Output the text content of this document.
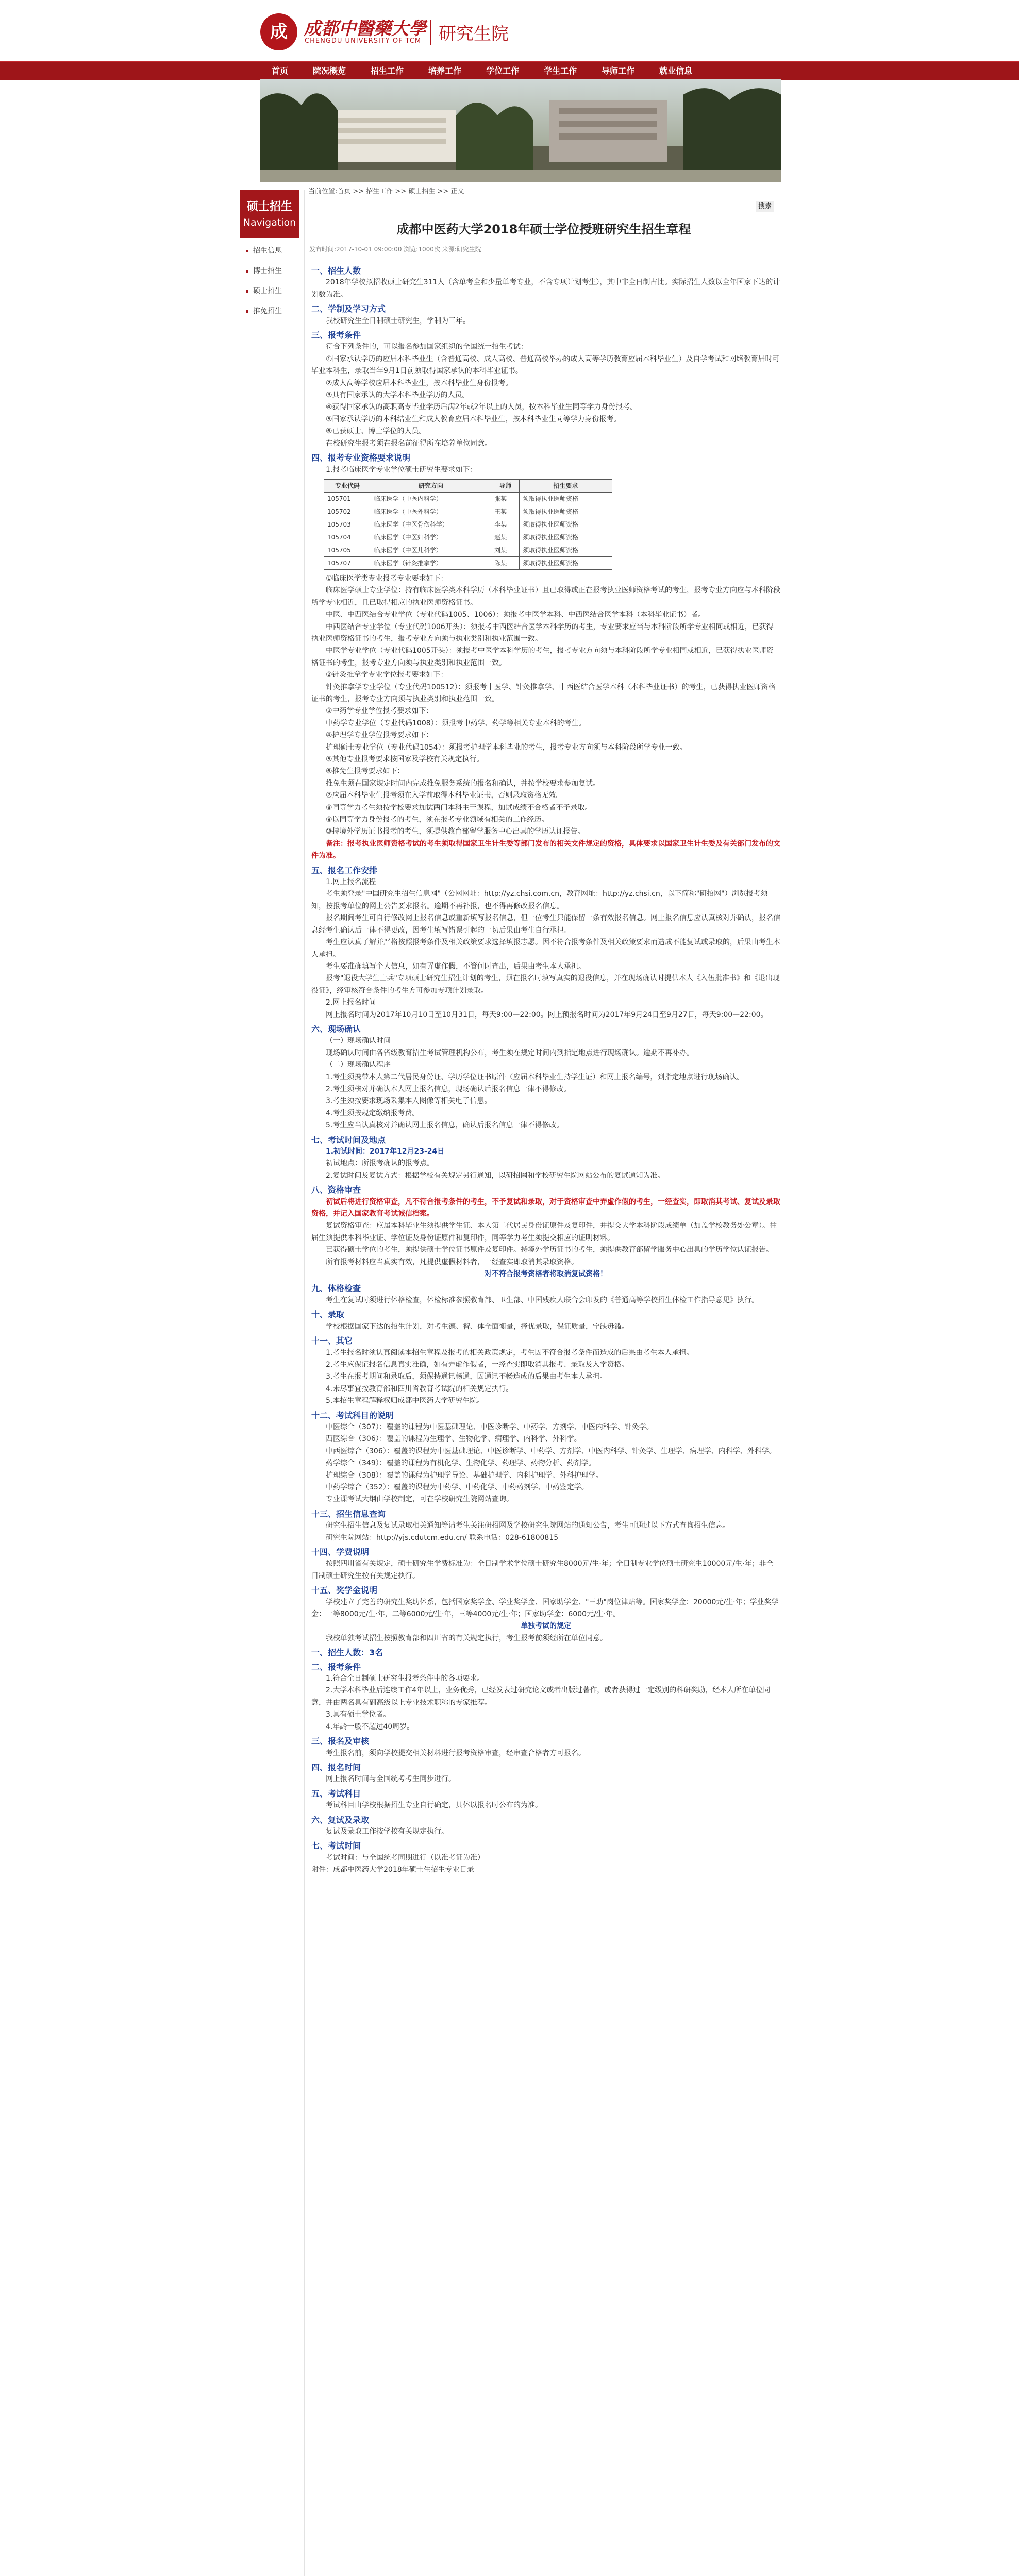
成 成都中醫藥大學
CHENGDU UNIVERSITY OF TCM 研究生院
首页	院况概览	招生工作	培养工作	学位工作	学生工作	导师工作	就业信息
硕士招生
Navigation
招生信息
博士招生
硕士招生
推免招生
当前位置:首页 >> 招生工作 >> 硕士招生 >> 正文
搜索
成都中医药大学2018年硕士学位授班研究生招生章程
发布时间:2017-10-01 09:00:00 浏览:1000次 来源:研究生院

一、招生人数

2018年学校拟招收硕士研究生311人（含单考全和少量单考专业，不含专项计划考生），其中非全日制占比。实际招生人数以全年国家下达的计划数为准。

二、学制及学习方式

我校研究生全日制硕士研究生，学制为三年。

三、报考条件

符合下列条件的，可以报名参加国家组织的全国统一招生考试：

①国家承认学历的应届本科毕业生（含普通高校、成人高校、普通高校举办的成人高等学历教育应届本科毕业生）及自学考试和网络教育届时可毕业本科生，录取当年9月1日前须取得国家承认的本科毕业证书。

②成人高等学校应届本科毕业生，按本科毕业生身份报考。

③具有国家承认的大学本科毕业学历的人员。

④获得国家承认的高职高专毕业学历后满2年或2年以上的人员，按本科毕业生同等学力身份报考。

⑤国家承认学历的本科结业生和成人教育应届本科毕业生，按本科毕业生同等学力身份报考。

⑥已获硕士、博士学位的人员。

在校研究生报考须在报名前征得所在培养单位同意。

四、报考专业资格要求说明

1.报考临床医学专业学位硕士研究生要求如下：

专业代码	研究方向	导师	招生要求
105701	临床医学（中医内科学）	张某	须取得执业医师资格
105702	临床医学（中医外科学）	王某	须取得执业医师资格
105703	临床医学（中医骨伤科学）	李某	须取得执业医师资格
105704	临床医学（中医妇科学）	赵某	须取得执业医师资格
105705	临床医学（中医儿科学）	刘某	须取得执业医师资格
105707	临床医学（针灸推拿学）	陈某	须取得执业医师资格

①临床医学类专业报考专业要求如下：

临床医学硕士专业学位：持有临床医学类本科学历（本科毕业证书）且已取得或正在报考执业医师资格考试的考生，报考专业方向应与本科阶段所学专业相近，且已取得相应的执业医师资格证书。

中医、中西医结合专业学位（专业代码1005、1006）：须报考中医学本科、中西医结合医学本科（本科毕业证书）者。

中西医结合专业学位（专业代码1006开头）：须报考中西医结合医学本科学历的考生，专业要求应当与本科阶段所学专业相同或相近，已获得执业医师资格证书的考生，报考专业方向须与执业类别和执业范围一致。

中医学专业学位（专业代码1005开头）：须报考中医学本科学历的考生，报考专业方向须与本科阶段所学专业相同或相近，已获得执业医师资格证书的考生，报考专业方向须与执业类别和执业范围一致。

②针灸推拿学专业学位报考要求如下：

针灸推拿学专业学位（专业代码100512）：须报考中医学、针灸推拿学、中西医结合医学本科（本科毕业证书）的考生，已获得执业医师资格证书的考生，报考专业方向须与执业类别和执业范围一致。

③中药学专业学位报考要求如下：

中药学专业学位（专业代码1008）：须报考中药学、药学等相关专业本科的考生。

④护理学专业学位报考要求如下：

护理硕士专业学位（专业代码1054）：须报考护理学本科毕业的考生，报考专业方向须与本科阶段所学专业一致。

⑤其他专业报考要求按国家及学校有关规定执行。

⑥推免生报考要求如下：

推免生须在国家规定时间内完成推免服务系统的报名和确认，并按学校要求参加复试。

⑦应届本科毕业生报考须在入学前取得本科毕业证书，否则录取资格无效。

⑧同等学力考生须按学校要求加试两门本科主干课程，加试成绩不合格者不予录取。

⑨以同等学力身份报考的考生，须在报考专业领域有相关的工作经历。

⑩持境外学历证书报考的考生，须提供教育部留学服务中心出具的学历认证报告。

备注：报考执业医师资格考试的考生须取得国家卫生计生委等部门发布的相关文件规定的资格，具体要求以国家卫生计生委及有关部门发布的文件为准。

五、报名工作安排

1.网上报名流程

考生须登录"中国研究生招生信息网"（公网网址：http://yz.chsi.com.cn，教育网址：http://yz.chsi.cn，以下简称"研招网"）浏览报考须知，按报考单位的网上公告要求报名。逾期不再补报，也不得再修改报名信息。

报名期间考生可自行修改网上报名信息或重新填写报名信息，但一位考生只能保留一条有效报名信息。网上报名信息应认真核对并确认，报名信息经考生确认后一律不得更改，因考生填写错误引起的一切后果由考生自行承担。

考生应认真了解并严格按照报考条件及相关政策要求选择填报志愿。因不符合报考条件及相关政策要求而造成不能复试或录取的，后果由考生本人承担。

考生要准确填写个人信息，如有弄虚作假，不管何时查出，后果由考生本人承担。

报考"退役大学生士兵"专项硕士研究生招生计划的考生，须在报名时填写真实的退役信息，并在现场确认时提供本人《入伍批准书》和《退出现役证》，经审核符合条件的考生方可参加专项计划录取。

2.网上报名时间

网上报名时间为2017年10月10日至10月31日，每天9:00—22:00。网上预报名时间为2017年9月24日至9月27日，每天9:00—22:00。

六、现场确认

（一）现场确认时间

现场确认时间由各省级教育招生考试管理机构公布，考生须在规定时间内到指定地点进行现场确认。逾期不再补办。

（二）现场确认程序

1.考生须携带本人第二代居民身份证、学历学位证书原件（应届本科毕业生持学生证）和网上报名编号，到指定地点进行现场确认。

2.考生须核对并确认本人网上报名信息，现场确认后报名信息一律不得修改。

3.考生须按要求现场采集本人图像等相关电子信息。

4.考生须按规定缴纳报考费。

5.考生应当认真核对并确认网上报名信息，确认后报名信息一律不得修改。

七、考试时间及地点

1.初试时间：2017年12月23-24日

初试地点：所报考确认的报考点。

2.复试时间及复试方式：根据学校有关规定另行通知，以研招网和学校研究生院网站公布的复试通知为准。

八、资格审查

初试后将进行资格审查，凡不符合报考条件的考生，不予复试和录取，对于资格审查中弄虚作假的考生，一经查实，即取消其考试、复试及录取资格，并记入国家教育考试诚信档案。

复试资格审查：应届本科毕业生须提供学生证、本人第二代居民身份证原件及复印件，并提交大学本科阶段成绩单（加盖学校教务处公章）。往届生须提供本科毕业证、学位证及身份证原件和复印件，同等学力考生须提交相应的证明材料。

已获得硕士学位的考生，须提供硕士学位证书原件及复印件。持境外学历证书的考生，须提供教育部留学服务中心出具的学历学位认证报告。

所有报考材料应当真实有效，凡提供虚假材料者，一经查实即取消其录取资格。

对不符合报考资格者将取消复试资格！

九、体格检查

考生在复试时须进行体格检查，体检标准参照教育部、卫生部、中国残疾人联合会印发的《普通高等学校招生体检工作指导意见》执行。

十、录取

学校根据国家下达的招生计划，对考生德、智、体全面衡量，择优录取，保证质量，宁缺毋滥。

十一、其它

1.考生报名时须认真阅读本招生章程及报考的相关政策规定，考生因不符合报考条件而造成的后果由考生本人承担。

2.考生应保证报名信息真实准确，如有弄虚作假者，一经查实即取消其报考、录取及入学资格。

3.考生在报考期间和录取后，须保持通讯畅通，因通讯不畅造成的后果由考生本人承担。

4.未尽事宜按教育部和四川省教育考试院的相关规定执行。

5.本招生章程解释权归成都中医药大学研究生院。

十二、考试科目的说明

中医综合（307）：覆盖的课程为中医基础理论、中医诊断学、中药学、方剂学、中医内科学、针灸学。

西医综合（306）：覆盖的课程为生理学、生物化学、病理学、内科学、外科学。

中西医综合（306）：覆盖的课程为中医基础理论、中医诊断学、中药学、方剂学、中医内科学、针灸学、生理学、病理学、内科学、外科学。

药学综合（349）：覆盖的课程为有机化学、生物化学、药理学、药物分析、药剂学。

护理综合（308）：覆盖的课程为护理学导论、基础护理学、内科护理学、外科护理学。

中药学综合（352）：覆盖的课程为中药学、中药化学、中药药剂学、中药鉴定学。

专业课考试大纲由学校制定，可在学校研究生院网站查询。

十三、招生信息查询

研究生招生信息及复试录取相关通知等请考生关注研招网及学校研究生院网站的通知公告，考生可通过以下方式查询招生信息。

研究生院网站：http://yjs.cdutcm.edu.cn/ 联系电话：028-61800815

十四、学费说明

按照四川省有关规定，硕士研究生学费标准为：全日制学术学位硕士研究生8000元/生·年；全日制专业学位硕士研究生10000元/生·年；非全日制硕士研究生按有关规定执行。

十五、奖学金说明

学校建立了完善的研究生奖助体系，包括国家奖学金、学业奖学金、国家助学金、"三助"岗位津贴等。国家奖学金：20000元/生·年；学业奖学金：一等8000元/生·年，二等6000元/生·年，三等4000元/生·年；国家助学金：6000元/生·年。

单独考试的规定

我校单独考试招生按照教育部和四川省的有关规定执行，考生报考前须经所在单位同意。

一、招生人数：3名

二、报考条件

1.符合全日制硕士研究生报考条件中的各项要求。

2.大学本科毕业后连续工作4年以上，业务优秀，已经发表过研究论文或者出版过著作，或者获得过一定级别的科研奖励，经本人所在单位同意，并由两名具有副高级以上专业技术职称的专家推荐。

3.具有硕士学位者。

4.年龄一般不超过40周岁。

三、报名及审核

考生报名前，须向学校提交相关材料进行报考资格审查，经审查合格者方可报名。

四、报名时间

网上报名时间与全国统考考生同步进行。

五、考试科目

考试科目由学校根据招生专业自行确定，具体以报名时公布的为准。

六、复试及录取

复试及录取工作按学校有关规定执行。

七、考试时间

考试时间：与全国统考同期进行（以准考证为准）

附件：成都中医药大学2018年硕士生招生专业目录
